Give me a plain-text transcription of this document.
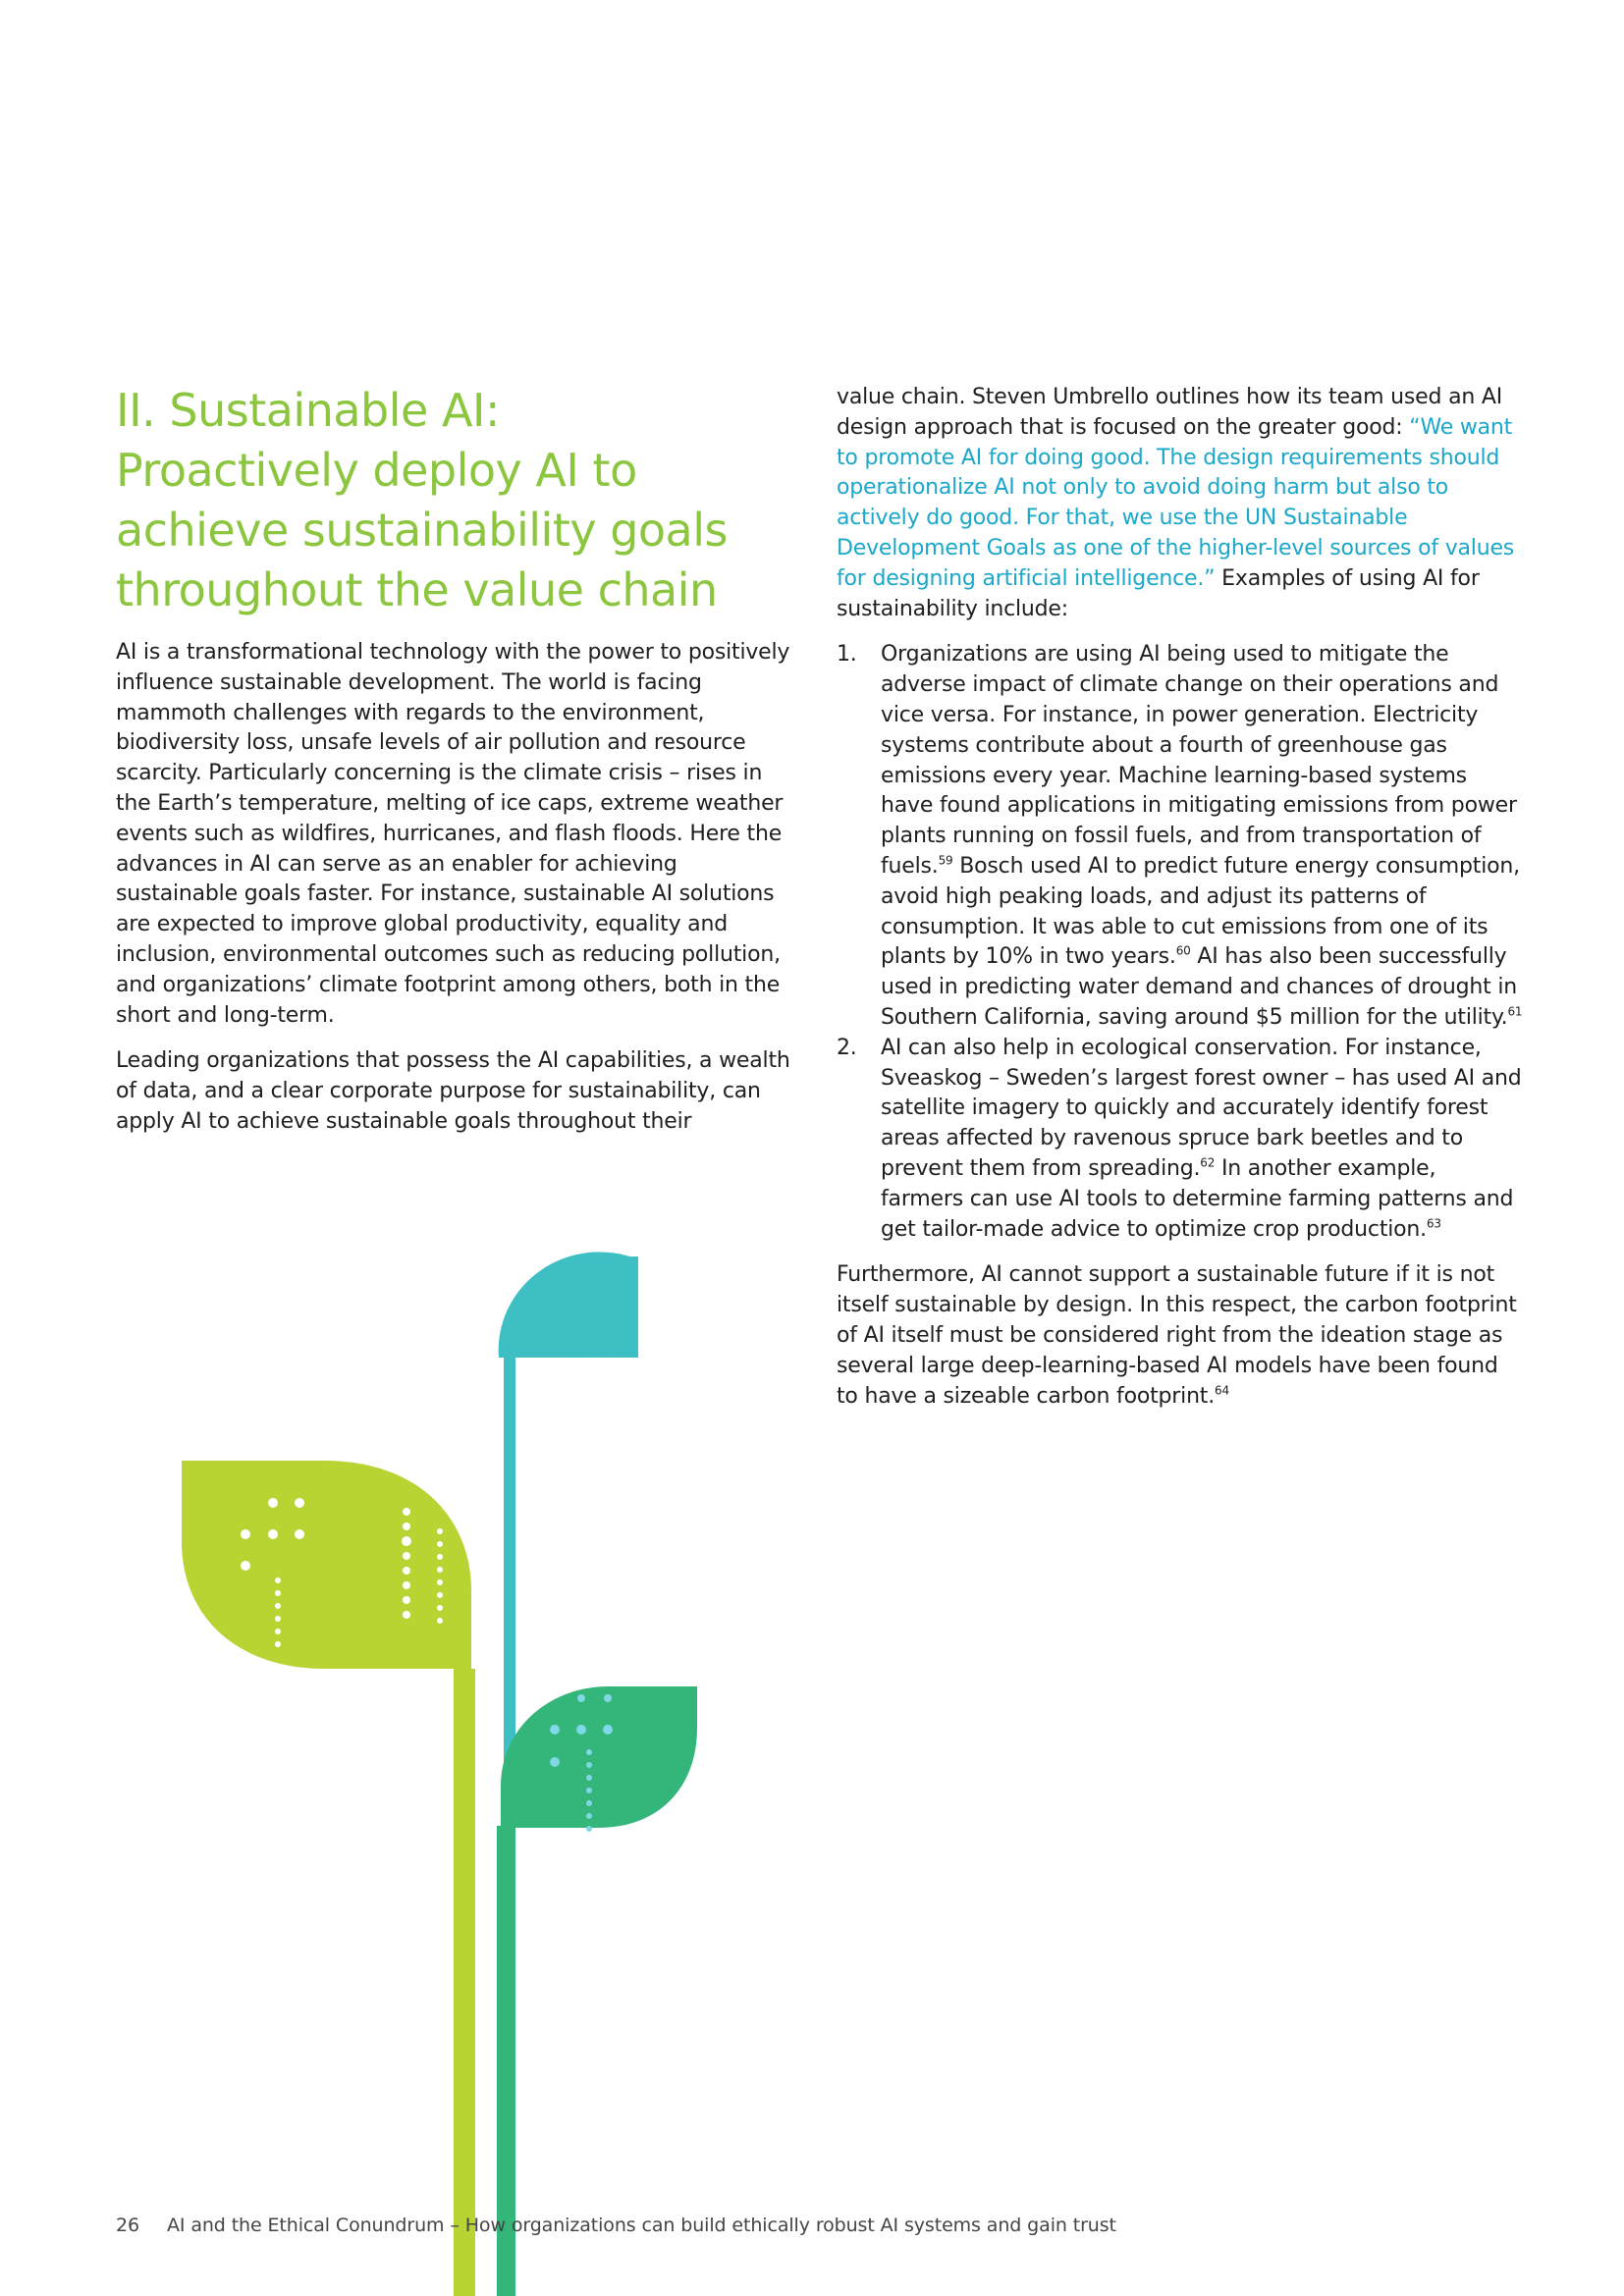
II. Sustainable AI: Proactively deploy AI to achieve sustainability goals throughout the value chain

AI is a transformational technology with the power to positively influence sustainable development. The world is facing mammoth challenges with regards to the environment, biodiversity loss, unsafe levels of air pollution and resource scarcity. Particularly concerning is the climate crisis – rises in the Earth’s temperature, melting of ice caps, extreme weather events such as wildfires, hurricanes, and flash floods. Here the advances in AI can serve as an enabler for achieving sustainable goals faster. For instance, sustainable AI solutions are expected to improve global productivity, equality and inclusion, environmental outcomes such as reducing pollution, and organizations’ climate footprint among others, both in the short and long-term.

Leading organizations that possess the AI capabilities, a wealth of data, and a clear corporate purpose for sustainability, can apply AI to achieve sustainable goals throughout their

value chain. Steven Umbrello outlines how its team used an AI design approach that is focused on the greater good: “We want to promote AI for doing good. The design requirements should operationalize AI not only to avoid doing harm but also to actively do good. For that, we use the UN Sustainable Development Goals as one of the higher-level sources of values for designing artificial intelligence.” Examples of using AI for sustainability include:

1. Organizations are using AI being used to mitigate the adverse impact of climate change on their operations and vice versa. For instance, in power generation. Electricity systems contribute about a fourth of greenhouse gas emissions every year. Machine learning-based systems have found applications in mitigating emissions from power plants running on fossil fuels, and from transportation of fuels.$^{59}$ Bosch used AI to predict future energy consumption, avoid high peaking loads, and adjust its patterns of consumption. It was able to cut emissions from one of its plants by 10% in two years.$^{60}$ AI has also been successfully used in predicting water demand and chances of drought in Southern California, saving around $5 million for the utility.$^{61}$
2. AI can also help in ecological conservation. For instance, Sveaskog – Sweden’s largest forest owner – has used AI and satellite imagery to quickly and accurately identify forest areas affected by ravenous spruce bark beetles and to prevent them from spreading.$^{62}$ In another example, farmers can use AI tools to determine farming patterns and get tailor-made advice to optimize crop production.$^{63}$

Furthermore, AI cannot support a sustainable future if it is not itself sustainable by design. In this respect, the carbon footprint of AI itself must be considered right from the ideation stage as several large deep-learning-based AI models have been found to have a sizeable carbon footprint.$^{64}$

26 AI and the Ethical Conundrum – How organizations can build ethically robust AI systems and gain trust
